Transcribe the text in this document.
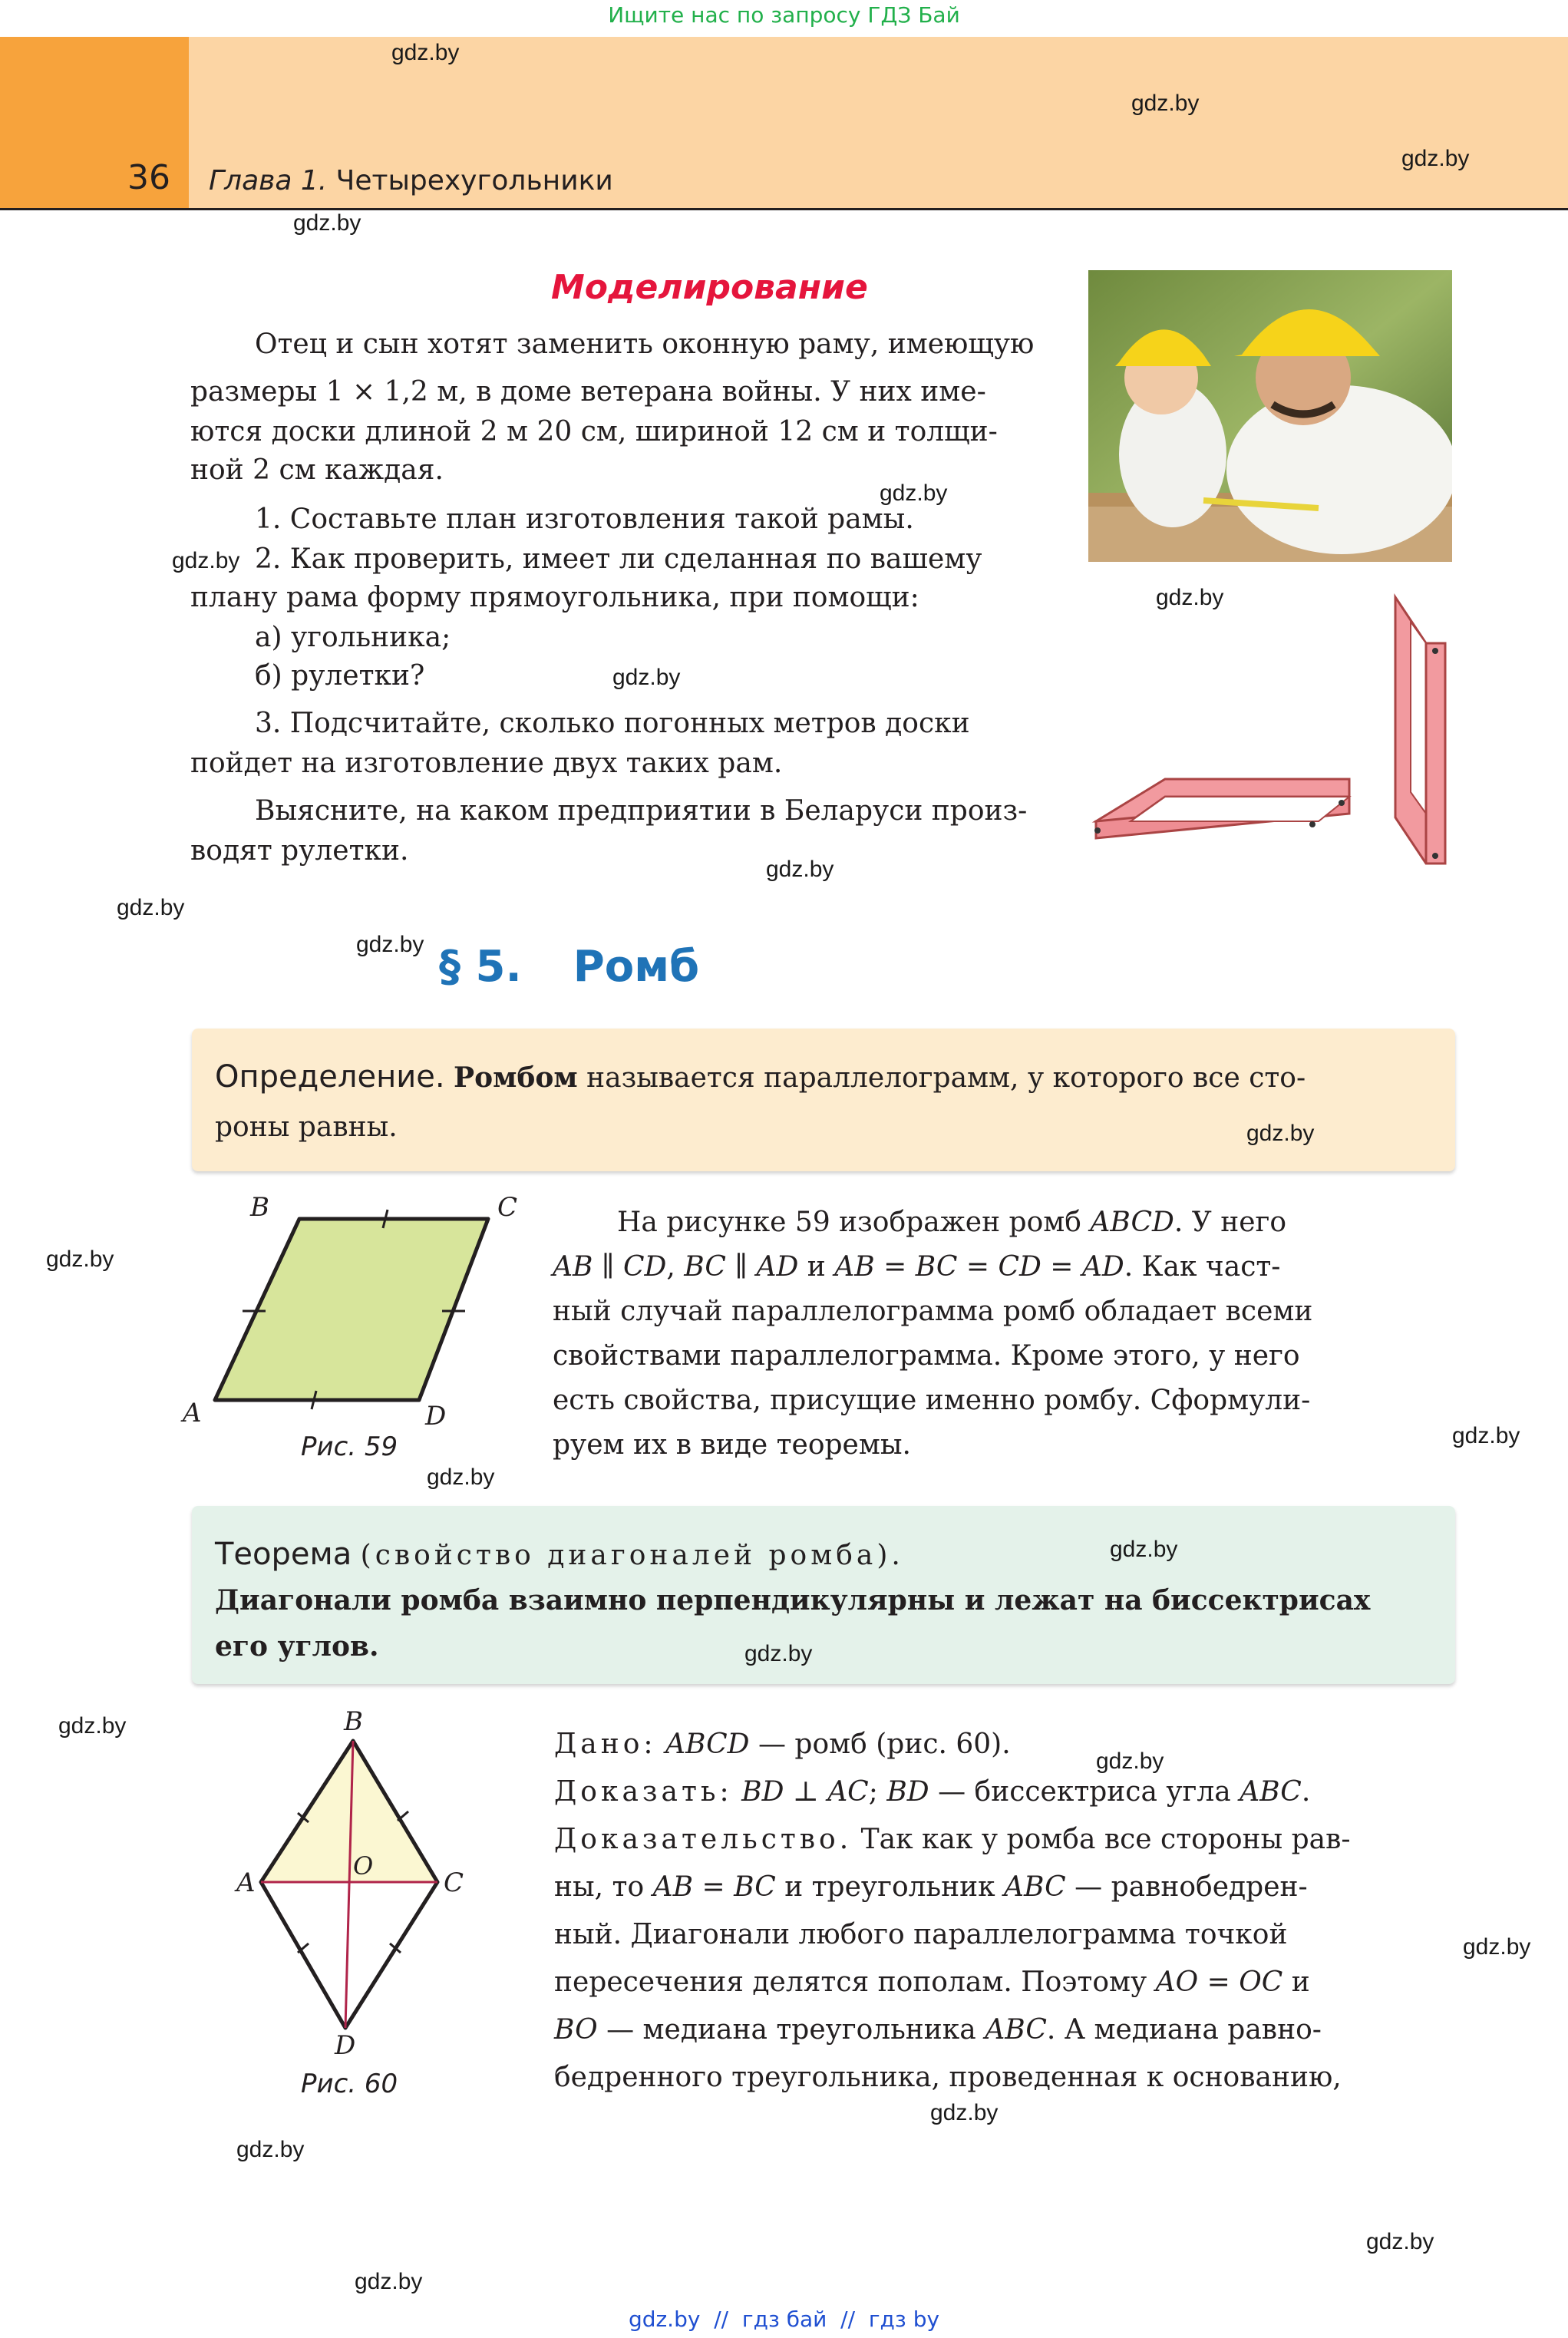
Ищите нас по запросу ГДЗ Бай
36 Глава 1. Четырехугольники
Моделирование
Отец и сын хотят заменить оконную раму, имеющую
размеры 1 × 1,2 м, в доме ветерана войны. У них име-
ются доски длиной 2 м 20 см, шириной 12 см и толщи-
ной 2 см каждая.
1. Составьте план изготовления такой рамы.
2. Как проверить, имеет ли сделанная по вашему
плану рама форму прямоугольника, при помощи:
а) угольника;
б) рулетки?
3. Подсчитайте, сколько погонных метров доски
пойдет на изготовление двух таких рам.
Выясните, на каком предприятии в Беларуси произ-
водят рулетки.
§ 5. Ромб
Определение. Ромбом называется параллелограмм, у которого все сто-
роны равны.
A
B	C
D
Рис. 59
На рисунке 59 изображен ромб ABCD. У него
AB ∥ CD, BC ∥ AD и AB = BC = CD = AD. Как част-
ный случай параллелограмма ромб обладает всеми
свойствами параллелограмма. Кроме этого, у него
есть свойства, присущие именно ромбу. Сформули-
руем их в виде теоремы.
Теорема (свойство диагоналей ромба).
Диагонали ромба взаимно перпендикулярны и лежат на биссектрисах
его углов.
B
A	C
O
D
Рис. 60
Дано: ABCD — ромб (рис. 60).
Доказать: BD ⊥ AC; BD — биссектриса угла ABC.
Доказательство. Так как у ромба все стороны рав-
ны, то AB = BC и треугольник ABC — равнобедрен-
ный. Диагонали любого параллелограмма точкой
пересечения делятся пополам. Поэтому AO = OC и
BO — медиана треугольника ABC. А медиана равно-
бедренного треугольника, проведенная к основанию,
gdz.by
gdz.by
gdz.by
gdz.by
gdz.by
gdz.by
gdz.by
gdz.by
gdz.by
gdz.by
gdz.by
gdz.by
gdz.by
gdz.by
gdz.by
gdz.by
gdz.by
gdz.by
gdz.by
gdz.by
gdz.by
gdz.by
gdz.by
gdz.by
gdz.by  //  гдз бай  //  гдз by
